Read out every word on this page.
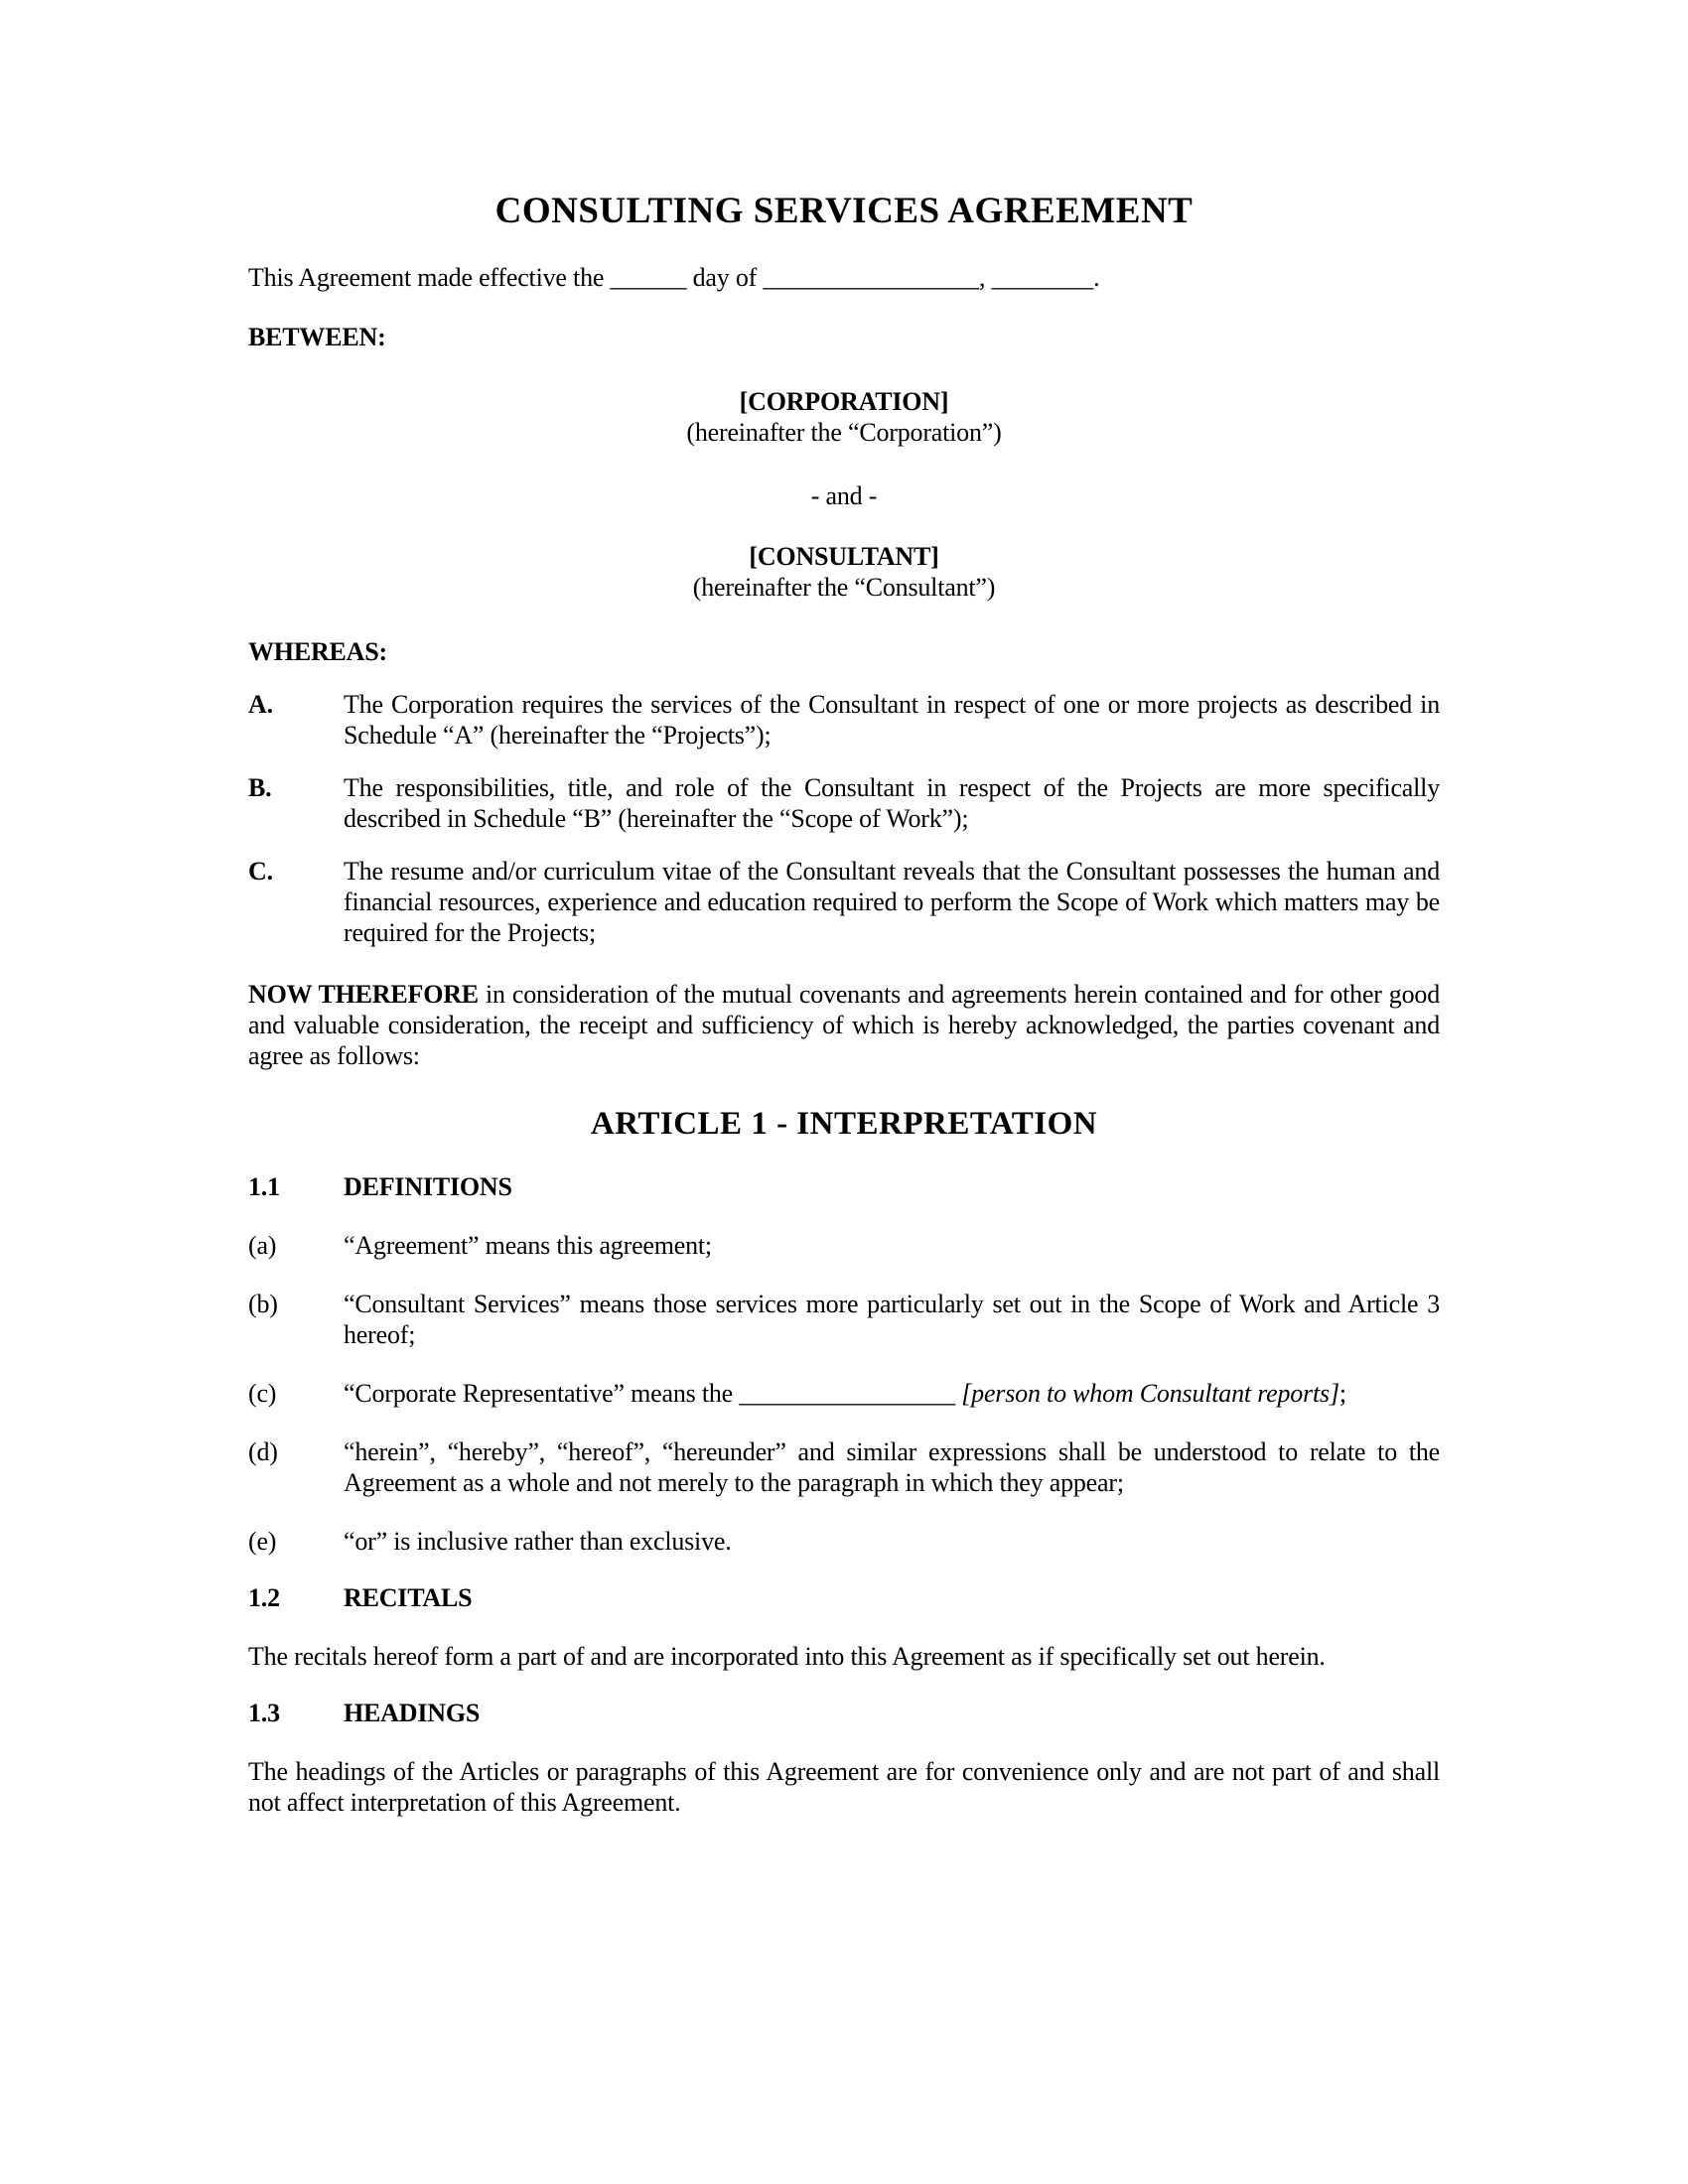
CONSULTING SERVICES AGREEMENT

This Agreement made effective the ______ day of _________________, ________.

BETWEEN:

[CORPORATION]

(hereinafter the “Corporation”)

- and -

[CONSULTANT]

(hereinafter the “Consultant”)

WHEREAS:

A.	The Corporation requires the services of the Consultant in respect of one or more projects as described in Schedule “A” (hereinafter the “Projects”);
B.	The responsibilities, title, and role of the Consultant in respect of the Projects are more specifically described in Schedule “B” (hereinafter the “Scope of Work”);
C.	The resume and/or curriculum vitae of the Consultant reveals that the Consultant possesses the human and financial resources, experience and education required to perform the Scope of Work which matters may be required for the Projects;

NOW THEREFORE in consideration of the mutual covenants and agreements herein contained and for other good and valuable consideration, the receipt and sufficiency of which is hereby acknowledged, the parties covenant and agree as follows:

ARTICLE 1 - INTERPRETATION
1.1	DEFINITIONS
(a)	“Agreement” means this agreement;
(b)	“Consultant Services” means those services more particularly set out in the Scope of Work and Article 3 hereof;
(c)	“Corporate Representative” means the _________________ [person to whom Consultant reports];
(d)	“herein”, “hereby”, “hereof”, “hereunder” and similar expressions shall be understood to relate to the Agreement as a whole and not merely to the paragraph in which they appear;
(e)	“or” is inclusive rather than exclusive.
1.2	RECITALS

The recitals hereof form a part of and are incorporated into this Agreement as if specifically set out herein.

1.3	HEADINGS

The headings of the Articles or paragraphs of this Agreement are for convenience only and are not part of and shall not affect interpretation of this Agreement.
